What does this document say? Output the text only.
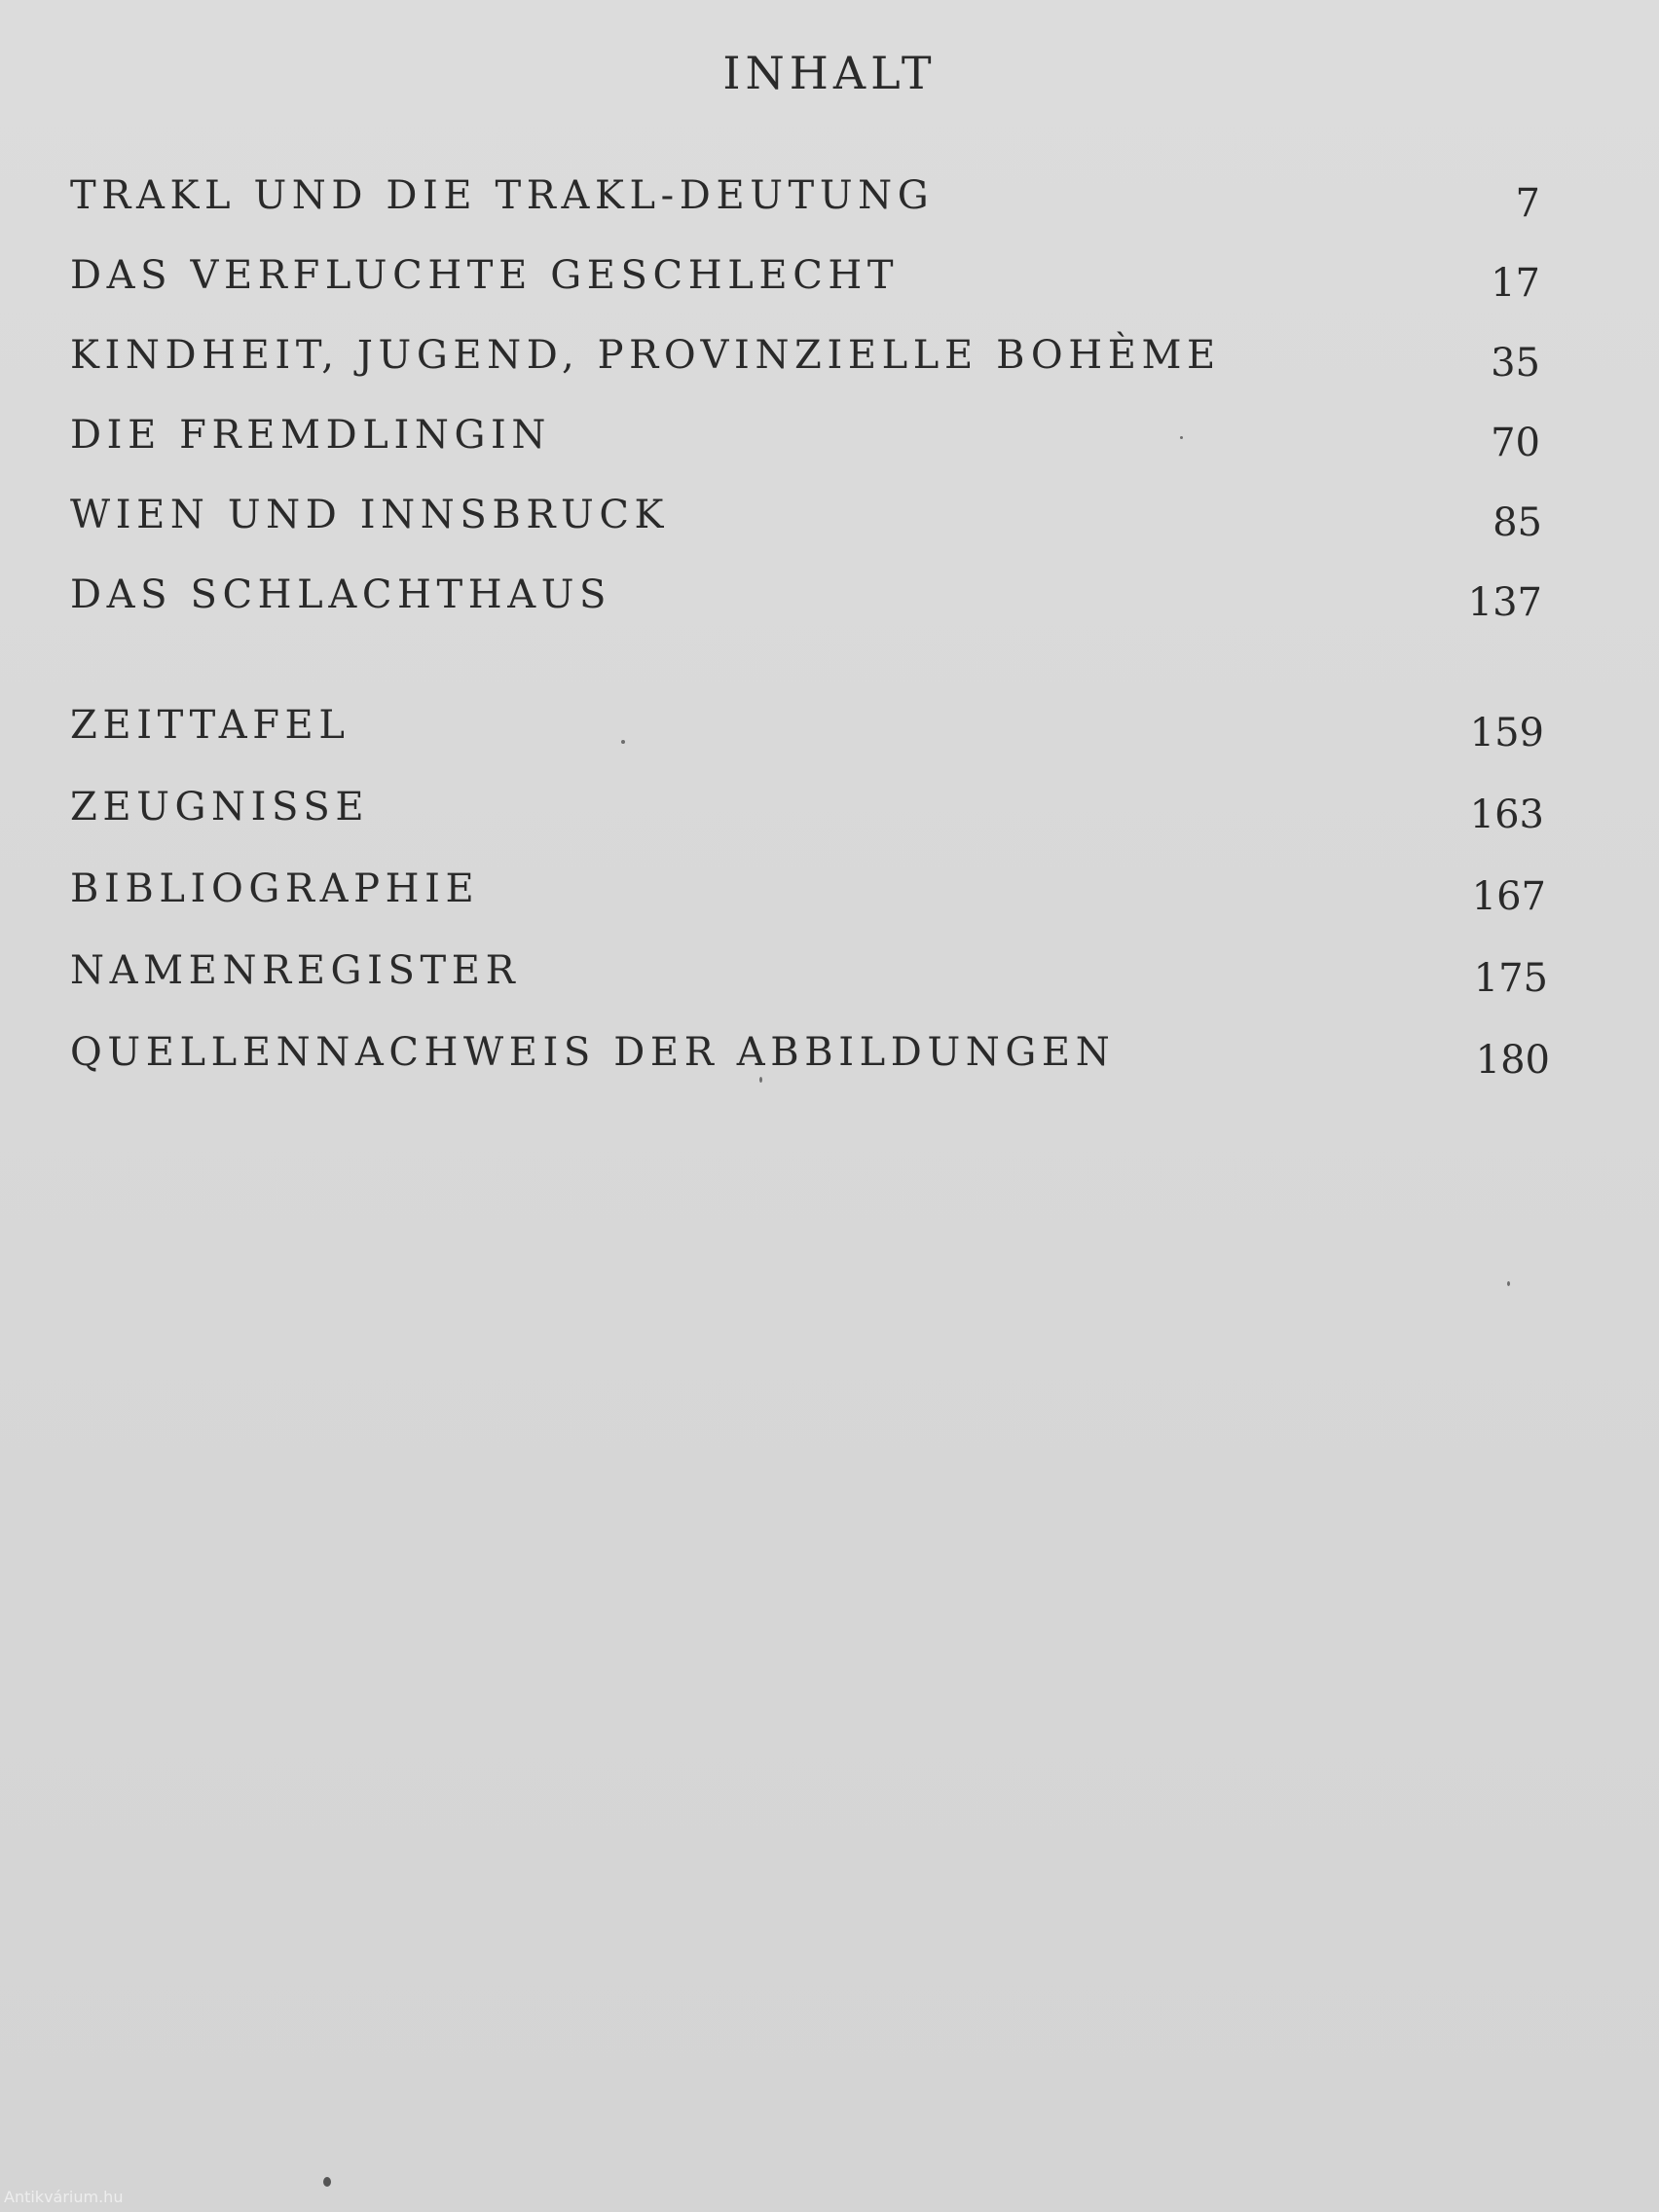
INHALT
TRAKL UND DIE TRAKL-DEUTUNG	7
DAS VERFLUCHTE GESCHLECHT	17
KINDHEIT, JUGEND, PROVINZIELLE BOHÈME	35
DIE FREMDLINGIN	70
WIEN UND INNSBRUCK	85
DAS SCHLACHTHAUS	137
ZEITTAFEL	159
ZEUGNISSE	163
BIBLIOGRAPHIE	167
NAMENREGISTER	175
QUELLENNACHWEIS DER ABBILDUNGEN	180
Antikvárium.hu
